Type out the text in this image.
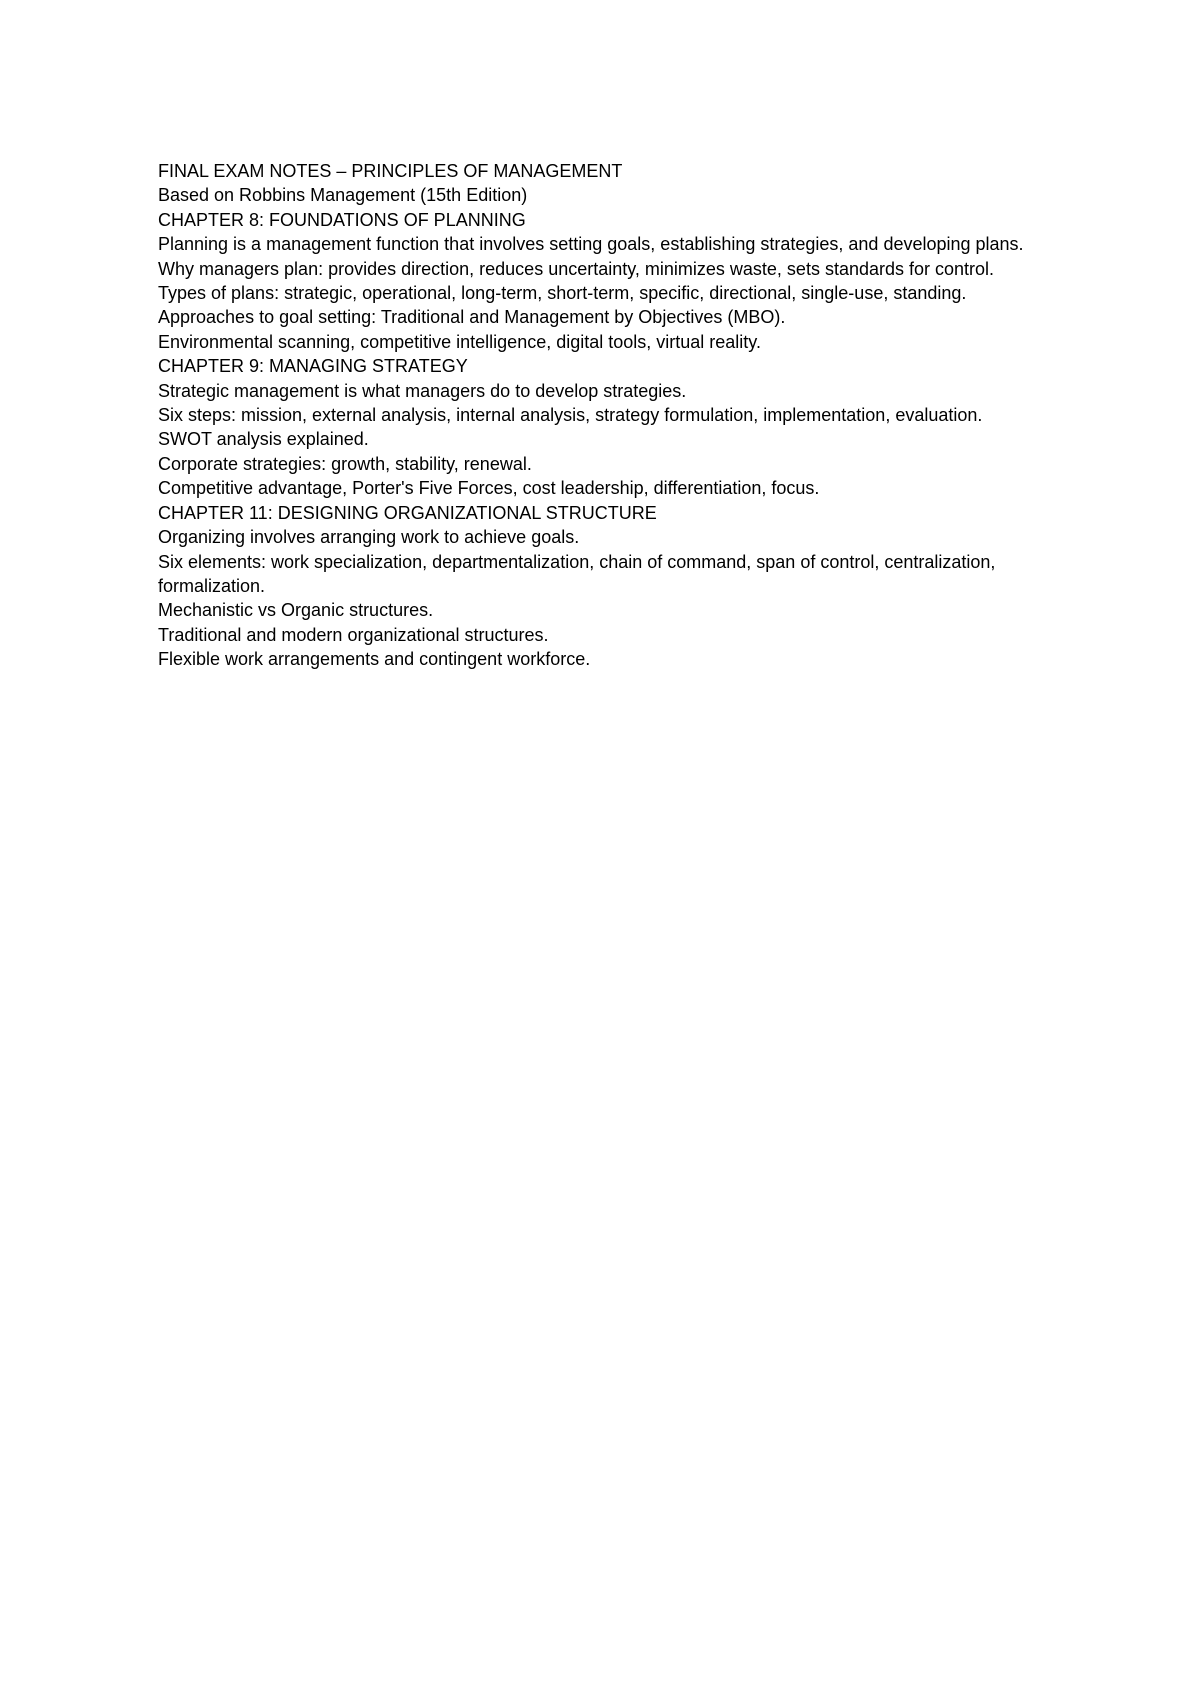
FINAL EXAM NOTES – PRINCIPLES OF MANAGEMENT

Based on Robbins Management (15th Edition)

CHAPTER 8: FOUNDATIONS OF PLANNING

Planning is a management function that involves setting goals, establishing strategies, and developing plans.

Why managers plan: provides direction, reduces uncertainty, minimizes waste, sets standards for control.

Types of plans: strategic, operational, long-term, short-term, specific, directional, single-use, standing.

Approaches to goal setting: Traditional and Management by Objectives (MBO).

Environmental scanning, competitive intelligence, digital tools, virtual reality.

CHAPTER 9: MANAGING STRATEGY

Strategic management is what managers do to develop strategies.

Six steps: mission, external analysis, internal analysis, strategy formulation, implementation, evaluation.

SWOT analysis explained.

Corporate strategies: growth, stability, renewal.

Competitive advantage, Porter's Five Forces, cost leadership, differentiation, focus.

CHAPTER 11: DESIGNING ORGANIZATIONAL STRUCTURE

Organizing involves arranging work to achieve goals.

Six elements: work specialization, departmentalization, chain of command, span of control, centralization, formalization.

Mechanistic vs Organic structures.

Traditional and modern organizational structures.

Flexible work arrangements and contingent workforce.
